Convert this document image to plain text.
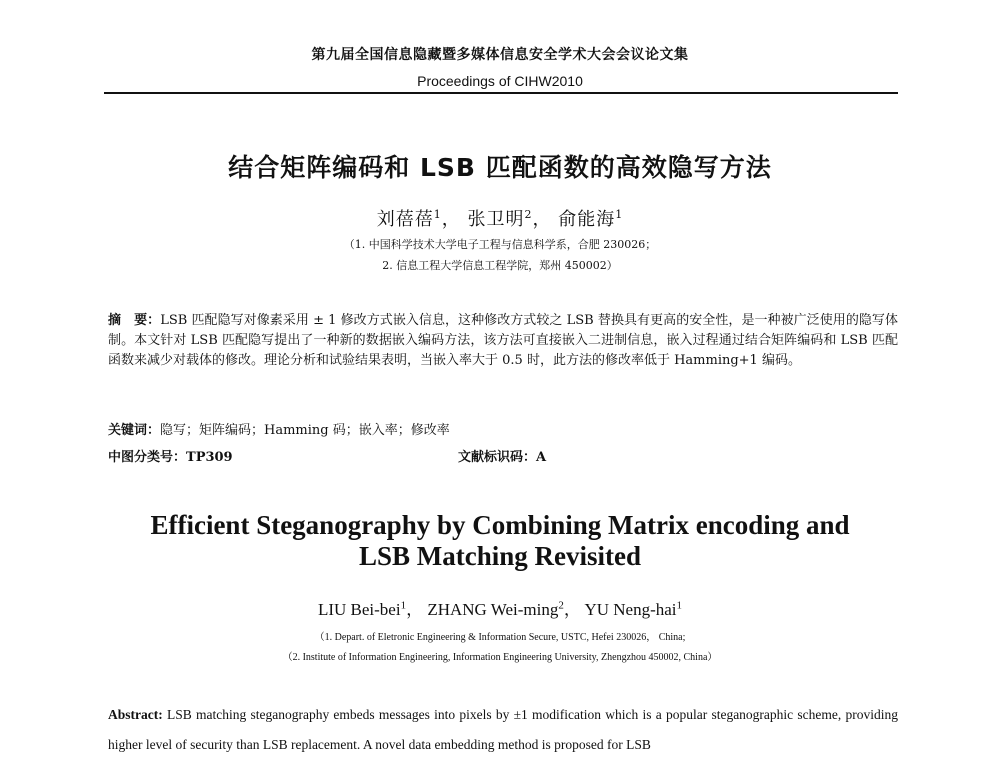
第九届全国信息隐藏暨多媒体信息安全学术大会会议论文集
Proceedings of CIHW2010
结合矩阵编码和 LSB 匹配函数的高效隐写方法
刘蓓蓓$^1$， 张卫明$^2$， 俞能海$^1$
（1. 中国科学技术大学电子工程与信息科学系，合肥 230026；
2. 信息工程大学信息工程学院，郑州 450002）
摘　要：LSB 匹配隐写对像素采用 ± 1 修改方式嵌入信息，这种修改方式较之 LSB 替换具有更高的安全性，是一种被广泛使用的隐写体制。本文针对 LSB 匹配隐写提出了一种新的数据嵌入编码方法，该方法可直接嵌入二进制信息，嵌入过程通过结合矩阵编码和 LSB 匹配函数来减少对载体的修改。理论分析和试验结果表明，当嵌入率大于 0.5 时，此方法的修改率低于 Hamming+1 编码。
关键词：隐写；矩阵编码；Hamming 码；嵌入率；修改率
中图分类号：TP309	文献标识码：A
Efficient Steganography by Combining Matrix encoding and
LSB Matching Revisited
LIU Bei-bei$^1$， ZHANG Wei-ming$^2$， YU Neng-hai$^1$
（1. Depart. of Eletronic Engineering & Information Secure, USTC, Hefei 230026， China;
（2. Institute of Information Engineering, Information Engineering University, Zhengzhou 450002, China）
Abstract: LSB matching steganography embeds messages into pixels by ±1 modification which is a popular steganographic scheme, providing higher level of security than LSB replacement. A novel data embedding method is proposed for LSB
